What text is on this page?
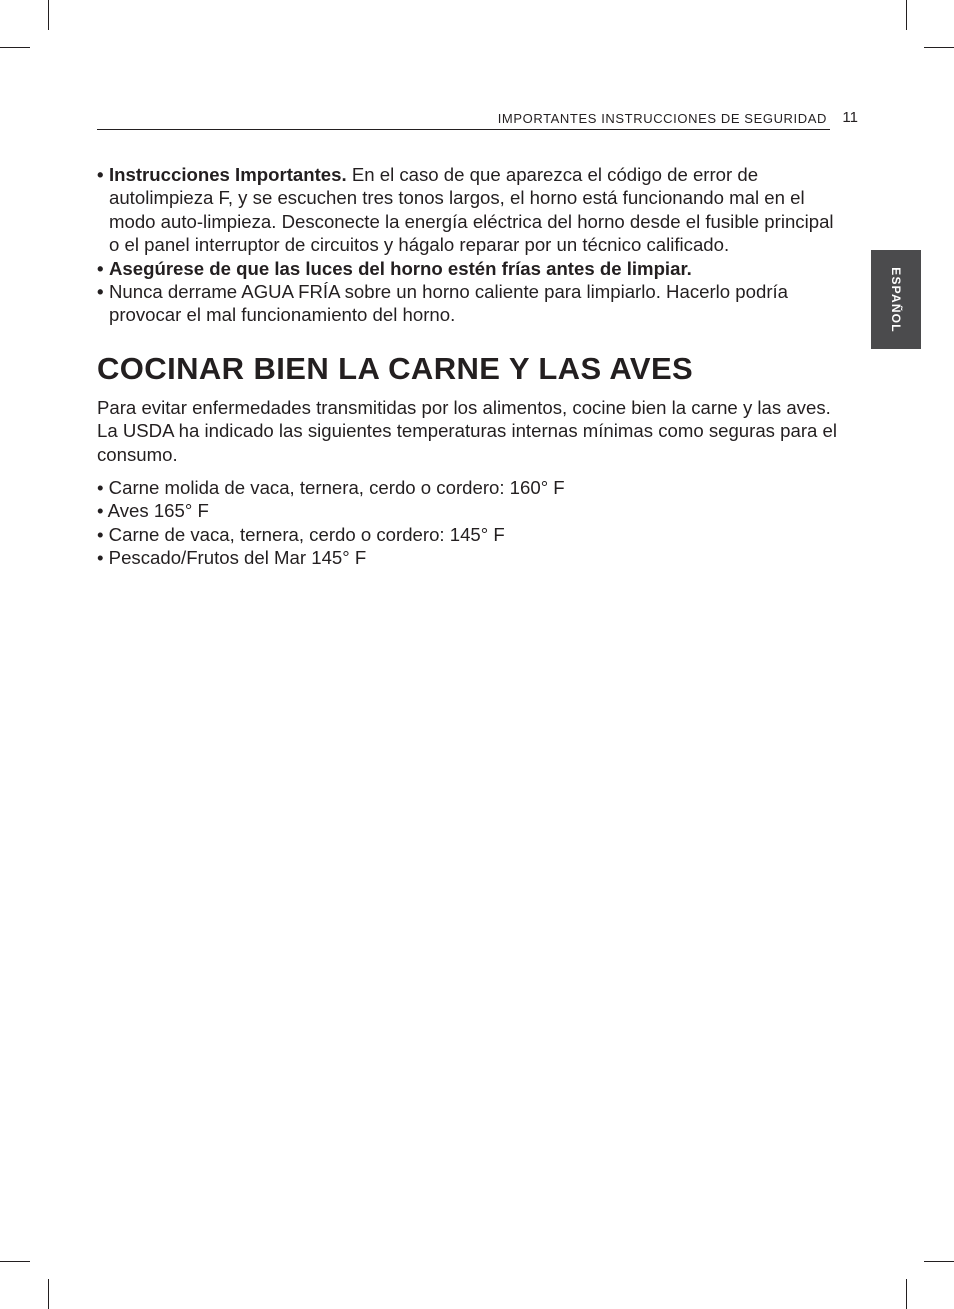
IMPORTANTES INSTRUCCIONES DE SEGURIDAD 11
ESPAÑOL
• Instrucciones Importantes. En el caso de que aparezca el código de error de autolimpieza F, y se escuchen tres tonos largos, el horno está funcionando mal en el modo auto-limpieza. Desconecte la energía eléctrica del horno desde el fusible principal o el panel interruptor de circuitos y hágalo reparar por un técnico calificado.
• Asegúrese de que las luces del horno estén frías antes de limpiar.
• Nunca derrame AGUA FRÍA sobre un horno caliente para limpiarlo. Hacerlo podría provocar el mal funcionamiento del horno.
COCINAR BIEN LA CARNE Y LAS AVES

Para evitar enfermedades transmitidas por los alimentos, cocine bien la carne y las aves. La USDA ha indicado las siguientes temperaturas internas mínimas como seguras para el consumo.

• Carne molida de vaca, ternera, cerdo o cordero: 160° F
• Aves 165° F
• Carne de vaca, ternera, cerdo o cordero: 145° F
• Pescado/Frutos del Mar 145° F
